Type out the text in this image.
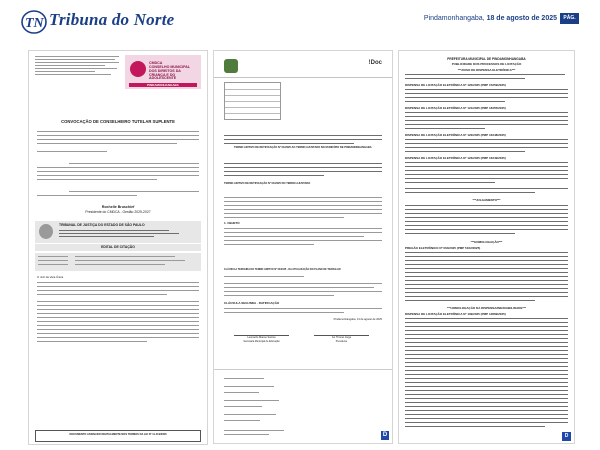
TN Tribuna do Norte	Pindamonhangaba, 18 de agosto de 2025	PÁG.
CMDCA
CONSELHO MUNICIPAL DOS DIREITOS DA CRIANÇA E DO ADOLESCENTE
PINDAMONHANGABA
CONVOCAÇÃO DE CONSELHEIRO TUTELAR SUPLENTE
Rochelle Bruschief
Presidente do CMDCA - Gestão 2025-2027
TRIBUNAL DE JUSTIÇA DO ESTADO DE SÃO PAULO
EDITAL DE CITAÇÃO
O Juiz da Vara Única
DOCUMENTO ASSINADO DIGITALMENTE NOS TERMOS DA LEI Nº 11.419/2006
!Doc
TERMO ADITIVO DE RETIFICAÇÃO Nº 01/2025 AO TERMO AJUSTADO NO MUNICÍPIO DE PINDAMONHANGABA
TERMO ADITIVO DE RETIFICAÇÃO Nº 01/2025 DO TERMO AJUSTADO
1. OBJETO
CLÁUSULA TERCEIRA DO TERMO ADITIVO Nº 04/2025 - DA ATUALIZAÇÃO DO PLANO DE TRABALHO
CLÁUSULA SEGUNDA - RATIFICAÇÃO
Pindamonhangaba, 13 de agosto de 2025
Leonardo Manso Santos
Secretaria Municipal de Educação
Ivo Thomé Jorge
Presidente
D
PREFEITURA MUNICIPAL DE PINDAMONHANGABA
PUBLICIDADE DOS PROCESSOS DE LICITAÇÃO
***AVISO DE DISPENSA ELETRÔNICA***
DISPENSA DE LICITAÇÃO ELETRÔNICA Nº 120/2025 (PMP 15359/2025)
DISPENSA DE LICITAÇÃO ELETRÔNICA Nº 121/2025 (PMP 16355/2025)
DISPENSA DE LICITAÇÃO ELETRÔNICA Nº 122/2025 (PMP 16348/2025)
DISPENSA DE LICITAÇÃO ELETRÔNICA Nº 123/2025 (PMP 16349/2025)
***JULGAMENTO***
***HOMOLOGAÇÃO***
PREGÃO ELETRÔNICO Nº 064/2025 (PMP 5162/2025)
***HOMOLOGAÇÃO DA DISPENSA/INEXIGIBILIDADE***
DISPENSA DE LICITAÇÃO ELETRÔNICA Nº 109/2025 (PMP 12869/2025)
D
